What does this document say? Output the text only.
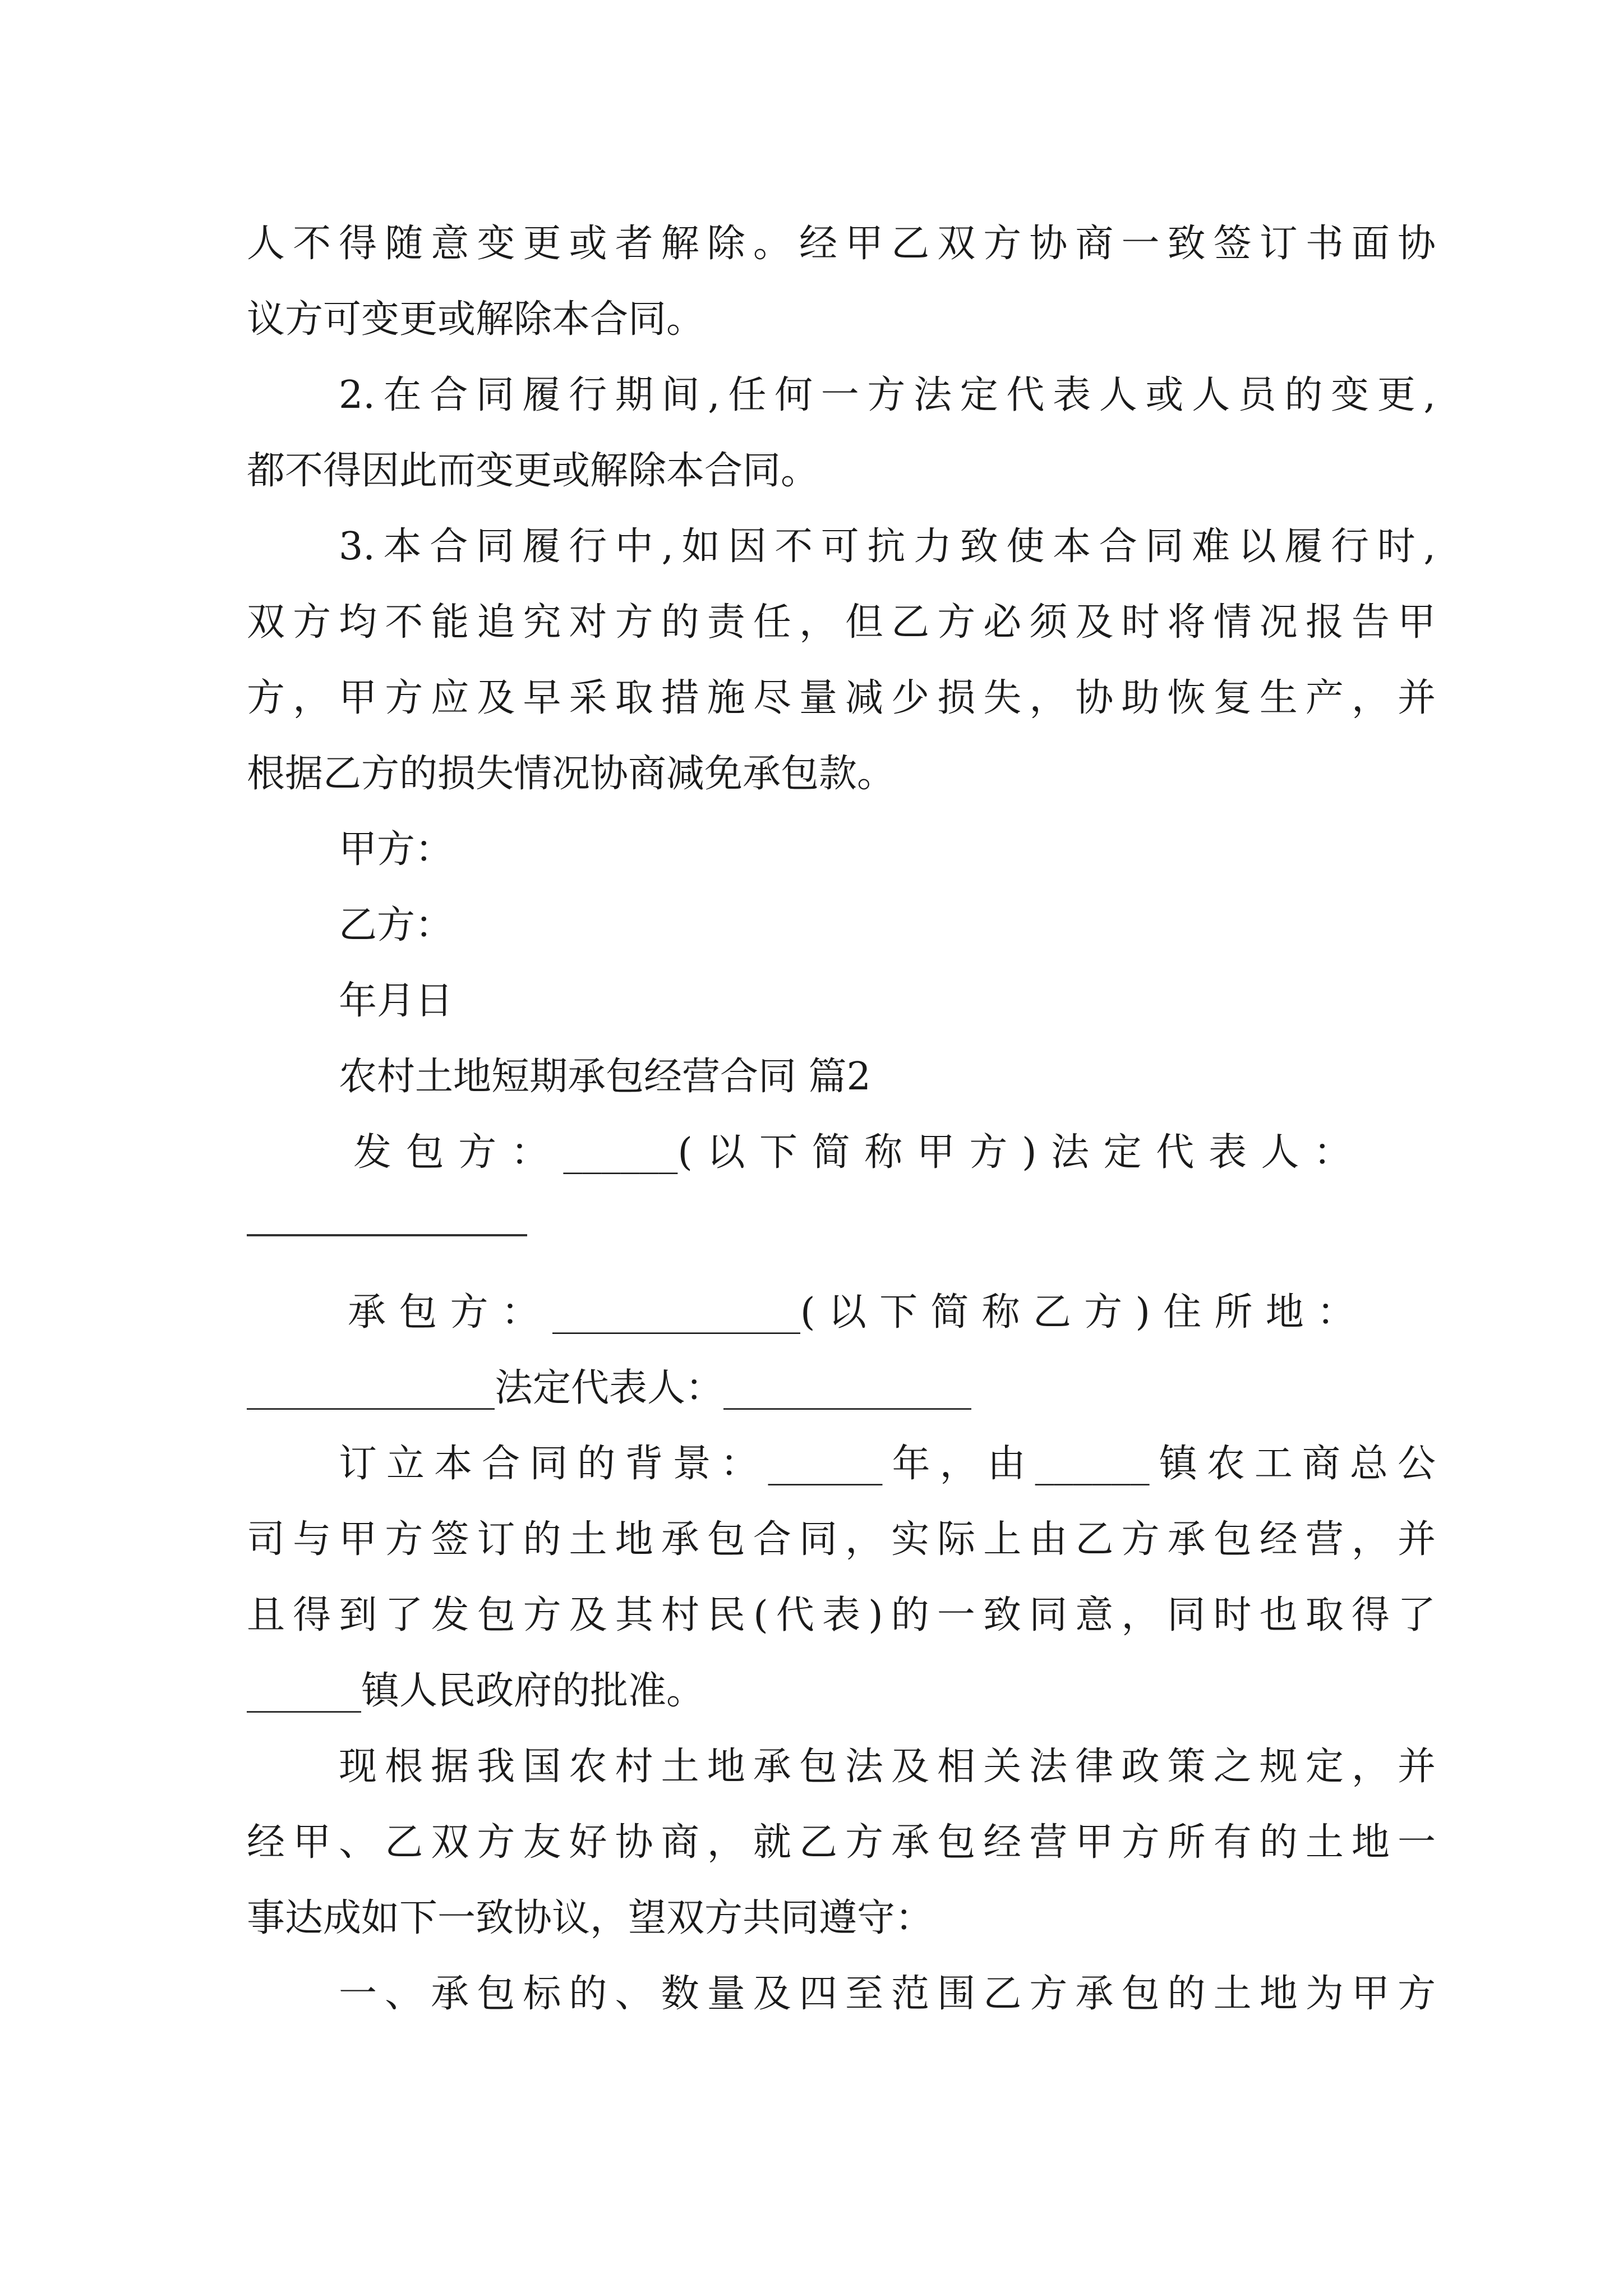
人不得随意变更或者解除。经甲乙双方协商一致签订书面协
议方可变更或解除本合同。
2.在合同履行期间,任何一方法定代表人或人员的变更,
都不得因此而变更或解除本合同。
3.本合同履行中,如因不可抗力致使本合同难以履行时,
双方均不能追究对方的责任，但乙方必须及时将情况报告甲
方，甲方应及早采取措施尽量减少损失，协助恢复生产，并
根据乙方的损失情况协商减免承包款。
甲方：
乙方：
年月日
农村土地短期承包经营合同 篇2
发包方：______(以下简称甲方)法定代表人：
承包方：_____________(以下简称乙方)住所地：
_____________法定代表人：_____________
订立本合同的背景：______年，由______镇农工商总公
司与甲方签订的土地承包合同，实际上由乙方承包经营，并
且得到了发包方及其村民(代表)的一致同意，同时也取得了
______镇人民政府的批准。
现根据我国农村土地承包法及相关法律政策之规定，并
经甲、乙双方友好协商，就乙方承包经营甲方所有的土地一
事达成如下一致协议，望双方共同遵守：
一、承包标的、数量及四至范围乙方承包的土地为甲方
